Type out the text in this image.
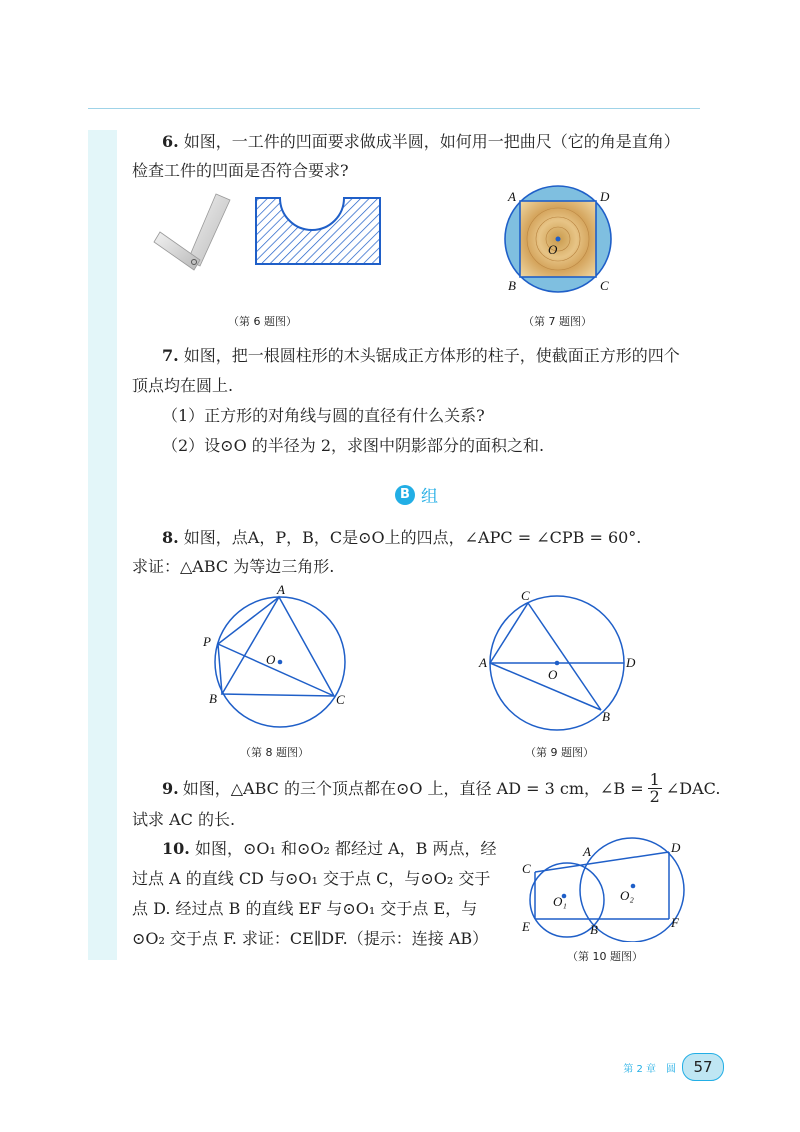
6. 如图，一工件的凹面要求做成半圆，如何用一把曲尺（它的角是直角）
检查工件的凹面是否符合要求?
（第 6 题图）
A	D
O
B	C
（第 7 题图）
7. 如图，把一根圆柱形的木头锯成正方体形的柱子，使截面正方形的四个
顶点均在圆上.
（1）正方形的对角线与圆的直径有什么关系?
（2）设⊙O 的半径为 2，求图中阴影部分的面积之和.
B 组
8. 如图，点A，P，B，C是⊙O上的四点，∠APC = ∠CPB = 60°.
求证：△ABC 为等边三角形.
A
P
O
B	C
（第 8 题图）
C
A
O
D
B
（第 9 题图）
9. 如图，△ABC 的三个顶点都在⊙O 上，直径 AD = 3 cm，∠B = $\frac{1}{2}$ ∠DAC.
试求 AC 的长.
10. 如图，⊙O₁ 和⊙O₂ 都经过 A，B 两点，经
过点 A 的直线 CD 与⊙O₁ 交于点 C，与⊙O₂ 交于
点 D. 经过点 B 的直线 EF 与⊙O₁ 交于点 E，与
⊙O₂ 交于点 F. 求证：CE∥DF.（提示：连接 AB）
A
C
D
O₁	O₂
E	B	F
（第 10 题图）
第 2 章　圆	57
